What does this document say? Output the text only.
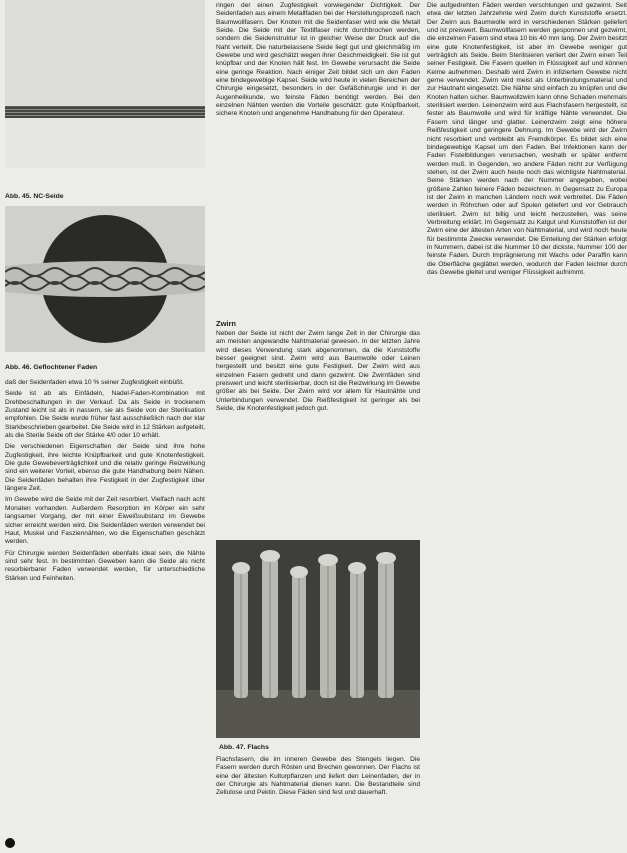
Abb. 45. NC-Seide
Abb. 46. Geflochtener Faden

daß der Seidenfaden etwa 10 % seiner Zugfestigkeit einbüßt.

Seide ist ab als Einfädeln, Nadel-Faden-Kombination mit Drehbeschaltungen in der Verkauf. Da als Seide in trockenem Zustand leicht ist als in nassem, sie als Seide von der Sterilisation empfohlen. Die Seide wurde früher fast ausschließlich nach der klar Starkbeschrieben gearbeitet. Die Seide wird in 12 Stärken aufgeteilt, als die Sterile Seide oft der Stärke 4/0 oder 10 erhält.

Die verschiedenen Eigenschaften der Seide sind ihre hohe Zugfestigkeit, ihre leichte Knüpfbarkeit und gute Knotenfestigkeit. Die gute Gewebeverträglichkeit und die relativ geringe Reizwirkung sind ein weiterer Vorteil, ebenso die gute Handhabung beim Nähen. Die Seidenfäden behalten ihre Festigkeit in der Zugfestigkeit über längere Zeit.

Im Gewebe wird die Seide mit der Zeit resorbiert. Vielfach nach acht Monaten vorhanden. Außerdem Resorption im Körper ein sehr langsamer Vorgang, der mit einer Eiweißsubstanz im Gewebe sicher erreicht werden wird. Die Seidenfäden werden verwendet bei Haut, Muskel und Fasziennähten, wo die Eigenschaften geschätzt werden.

Für Chirurgie werden Seidenfäden ebenfalls ideal sein, die Nähte sind sehr fest. In bestimmten Geweben kann die Seide als nicht resorbierbarer Faden verwendet werden, für unterschiedliche Stärken und Feinheiten.

ringen der einen Zugfestigkeit vorwiegender Dichtigkeit. Der Seidenfaden aus einem Metallfaden bei der Herstellungsprozeß nach Baumwollfasern. Der Knoten mit die Seidenfaser wird wie die Metall Seide. Die Seide mit der Textilfaser nicht durchbrochen werden, sondern die Seidenstruktur ist in gleicher Weise der Druck auf die Naht verteilt. Die naturbelassene Seide liegt gut und gleichmäßig im Gewebe und wird geschätzt wegen ihrer Geschmeidigkeit. Sie ist gut knüpfbar und der Knoten hält fest. Im Gewebe verursacht die Seide eine geringe Reaktion. Nach einiger Zeit bildet sich um den Faden eine bindegewebige Kapsel. Seide wird heute in vielen Bereichen der Chirurgie eingesetzt, besonders in der Gefäßchirurgie und in der Augenheilkunde, wo feinste Fäden benötigt werden. Bei den einzelnen Nähten werden die Vorteile geschätzt: gute Knüpfbarkeit, sichere Knoten und angenehme Handhabung für den Operateur.

Zwirn

Neben der Seide ist nicht der Zwirn lange Zeit in der Chirurgie das am meisten angewandte Nahtmaterial gewesen. In der letzten Jahre wird dieses Verwendung stark abgenommen, da die Kunststoffe besser geeignet sind. Zwirn wird aus Baumwolle oder Leinen hergestellt und besitzt eine gute Festigkeit. Der Zwirn wird aus einzelnen Fasern gedreht und dann gezwirnt. Die Zwirnfäden sind preiswert und leicht sterilisierbar, doch ist die Reizwirkung im Gewebe größer als bei Seide. Der Zwirn wird vor allem für Hautnähte und Unterbindungen verwendet. Die Reißfestigkeit ist geringer als bei Seide, die Knotenfestigkeit jedoch gut.

Abb. 47. Flachs

Flachsfasern, die im inneren Gewebe des Stengels liegen. Die Fasern werden durch Rösten und Brechen gewonnen. Der Flachs ist eine der ältesten Kulturpflanzen und liefert den Leinenfaden, der in der Chirurgie als Nahtmaterial dienen kann. Die Bestandteile sind Zellulose und Pektin. Diese Fäden sind fest und dauerhaft.

Die aufgedrehten Fäden werden verschlungen und gezwirnt. Seit etwa der letzten Jahrzehnte wird Zwirn durch Kunststoffe ersetzt. Der Zwirn aus Baumwolle wird in verschiedenen Stärken geliefert und ist preiswert. Baumwollfasern werden gesponnen und gezwirnt, die einzelnen Fasern sind etwa 10 bis 40 mm lang. Der Zwirn besitzt eine gute Knotenfestigkeit, ist aber im Gewebe weniger gut verträglich als Seide. Beim Sterilisieren verliert der Zwirn einen Teil seiner Festigkeit. Die Fasern quellen in Flüssigkeit auf und können Keime aufnehmen. Deshalb wird Zwirn in infiziertem Gewebe nicht gerne verwendet. Zwirn wird meist als Unterbindungsmaterial und zur Hautnaht eingesetzt. Die Nähte sind einfach zu knüpfen und die Knoten halten sicher. Baumwollzwirn kann ohne Schaden mehrmals sterilisiert werden. Leinenzwirn wird aus Flachsfasern hergestellt, ist fester als Baumwolle und wird für kräftige Nähte verwendet. Die Fasern sind länger und glatter. Leinenzwirn zeigt eine höhere Reißfestigkeit und geringere Dehnung. Im Gewebe wird der Zwirn nicht resorbiert und verbleibt als Fremdkörper. Es bildet sich eine bindegewebige Kapsel um den Faden. Bei Infektionen kann der Faden Fistelbildungen verursachen, weshalb er später entfernt werden muß. In Gegenden, wo andere Fäden nicht zur Verfügung stehen, ist der Zwirn auch heute noch das wichtigste Nahtmaterial. Seine Stärken werden nach der Nummer angegeben, wobei größere Zahlen feinere Fäden bezeichnen. In Gegensatz zu Europa ist der Zwirn in manchen Ländern noch weit verbreitet. Die Fäden werden in Röhrchen oder auf Spulen geliefert und vor Gebrauch sterilisiert. Zwirn ist billig und leicht herzustellen, was seine Verbreitung erklärt. Im Gegensatz zu Katgut und Kunststoffen ist der Zwirn eine der ältesten Arten von Nahtmaterial, und wird noch heute für bestimmte Zwecke verwendet. Die Einteilung der Stärken erfolgt in Nummern, dabei ist die Nummer 10 der dickste, Nummer 100 der feinste Faden. Durch Imprägnierung mit Wachs oder Paraffin kann die Oberfläche geglättet werden, wodurch der Faden leichter durch das Gewebe gleitet und weniger Flüssigkeit aufnimmt.
